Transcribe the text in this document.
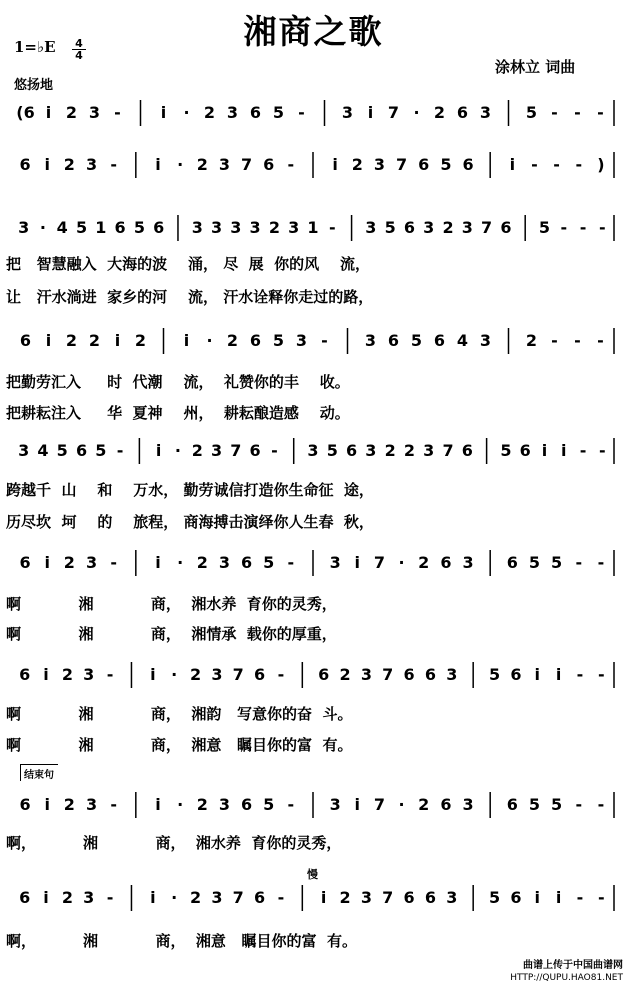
湘商之歌
1=♭E 4
4
悠扬地
涂林立 词曲
(6 i 2 3 - i · 2 3 6 5 - 3 i 7 · 2 6 3 5 - - -
6 i 2 3 - i · 2 3 7 6 - i 2 3 7 6 5 6 i - - - )
3 · 4 5 1 6 5 6 3 3 3 3 2 3 1 - 3 5 6 3 2 3 7 6 5 - - -
6 i 2 2 i 2 i · 2 6 5 3 - 3 6 5 6 4 3 2 - - -
3 4 5 6 5 - i · 2 3 7 6 - 3 5 6 3 2 2 3 7 6 5 6 i i - -
6 i 2 3 - i · 2 3 6 5 - 3 i 7 · 2 6 3 6 5 5 - -
6 i 2 3 - i · 2 3 7 6 - 6 2 3 7 6 6 3 5 6 i i - -
6 i 2 3 - i · 2 3 6 5 - 3 i 7 · 2 6 3 6 5 5 - -
6 i 2 3 - i · 2 3 7 6 - i 2 3 7 6 6 3 5 6 i i - -
把   智慧融入  大海的波    涌， 尽  展  你的风    流，
让   汗水淌进  家乡的河    流， 汗水诠释你走过的路，
把勤劳汇入     时  代潮    流，  礼赞你的丰    收。
把耕耘注入     华  夏神    州，  耕耘酿造感    动。
跨越千  山    和    万水， 勤劳诚信打造你生命征  途，
历尽坎  坷    的    旅程， 商海搏击演绎你人生春  秋，
啊           湘           商，  湘水养  育你的灵秀，
啊           湘           商，  湘情承  载你的厚重，
啊           湘           商，  湘韵   写意你的奋  斗。
啊           湘           商，  湘意   瞩目你的富  有。
啊，         湘           商，  湘水养  育你的灵秀，
啊，         湘           商，  湘意   瞩目你的富  有。
结束句
慢
曲谱上传于中国曲谱网
HTTP://QUPU.HAO81.NET
